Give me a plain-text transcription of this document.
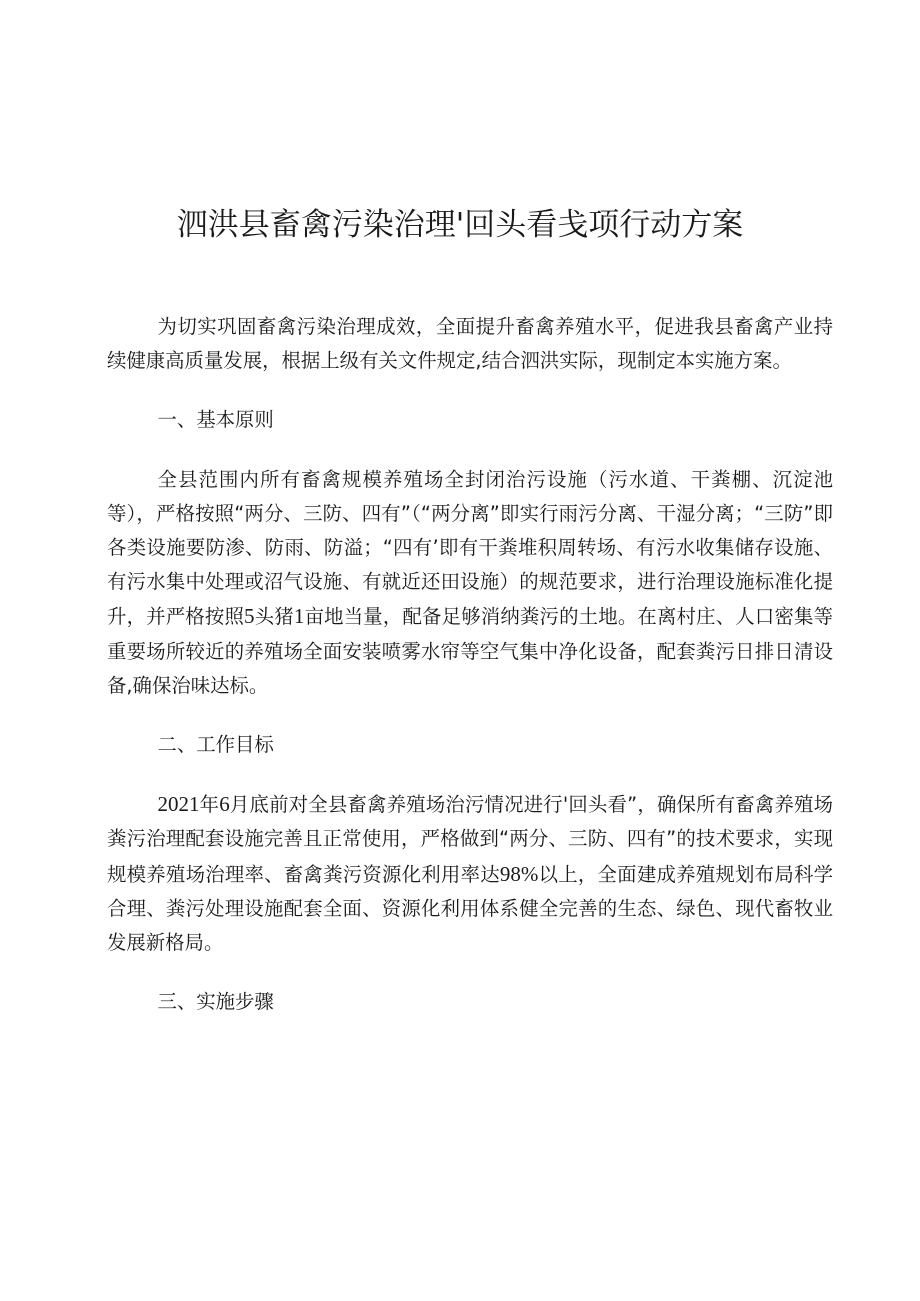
泗洪县畜禽污染治理'回头看戋项行动方案

为切实巩固畜禽污染治理成效，全面提升畜禽养殖水平，促进我县畜禽产业持续健康高质量发展，根据上级有关文件规定,结合泗洪实际，现制定本实施方案。

一、基本原则

全县范围内所有畜禽规模养殖场全封闭治污设施（污水道、干粪棚、沉淀池等），严格按照“两分、三防、四有”（“两分离”即实行雨污分离、干湿分离；“三防”即各类设施要防渗、防雨、防溢；“四有’即有干粪堆积周转场、有污水收集储存设施、有污水集中处理或沼气设施、有就近还田设施）的规范要求，进行治理设施标准化提升，并严格按照5头猪1亩地当量，配备足够消纳粪污的土地。在离村庄、人口密集等重要场所较近的养殖场全面安装喷雾水帘等空气集中净化设备，配套粪污日排日清设备,确保治味达标。

二、工作目标

2021年6月底前对全县畜禽养殖场治污情况进行'回头看”，确保所有畜禽养殖场粪污治理配套设施完善且正常使用，严格做到“两分、三防、四有”的技术要求，实现规模养殖场治理率、畜禽粪污资源化利用率达98%以上，全面建成养殖规划布局科学合理、粪污处理设施配套全面、资源化利用体系健全完善的生态、绿色、现代畜牧业发展新格局。

三、实施步骤
